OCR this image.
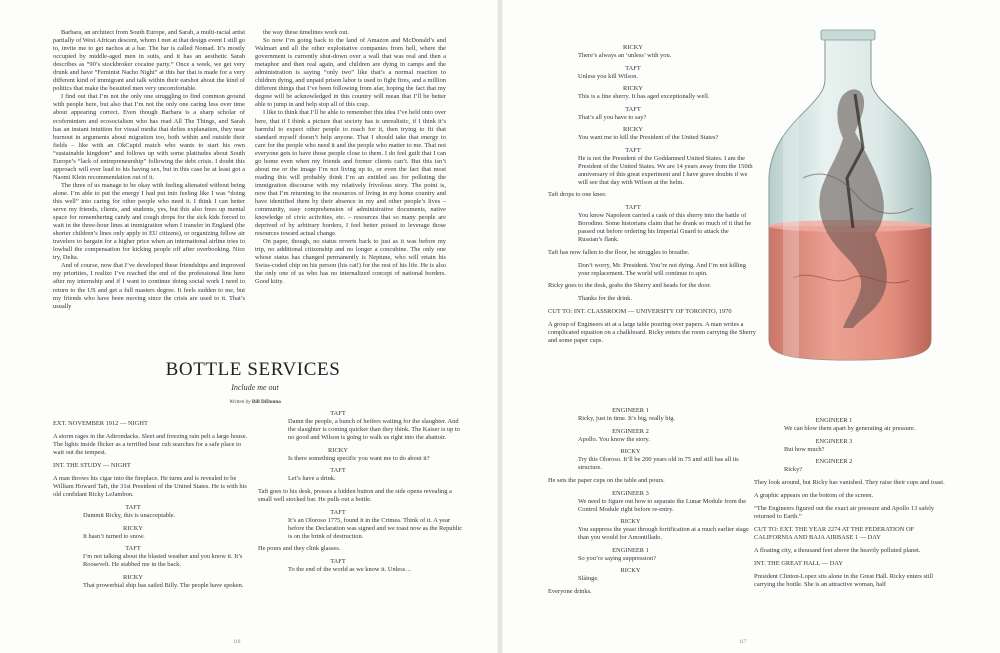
Barbara, an architect from South Europe, and Sarah, a multi-racial artist partially of West African descent, whom I met at that design event I still go to, invite me to get nachos at a bar. The bar is called Nomad. It’s mostly occupied by middle-aged men in suits, and it has an aesthetic Sarah describes as “90’s stockbroker cocaine party.” Once a week, we get very drunk and have “Feminist Nacho Night” at this bar that is made for a very different kind of immigrant and talk within their earshot about the kind of politics that make the besuited men very uncomfortable.

I find out that I’m not the only one struggling to find common ground with people here, but also that I’m not the only one caring less over time about appearing correct. Even though Barbara is a sharp scholar of ecofeminism and ecosocialism who has read All The Things, and Sarah has an instant intuition for visual media that defies explanation, they near burnout in arguments about migration too, both within and outside their fields – like with an OkCupid match who wants to start his own “sustainable kingdom” and follows up with some platitudes about South Europe’s “lack of entrepreneurship” following the debt crisis. I doubt this approach will ever lead to his having sex, but in this case he at least got a Naomi Klein recommendation out of it.

The three of us manage to be okay with feeling alienated without being alone. I’m able to put the energy I had put into feeling like I was “doing this well” into caring for other people who need it. I think I can better serve my friends, clients, and students, yes, but this also frees up mental space for remembering candy and cough drops for the sick kids forced to wait in the three-hour lines at immigration when I transfer in England (the shorter children’s lines only apply to EU citizens), or organizing fellow air travelers to bargain for a higher price when an international airline tries to lowball the compensation for kicking people off after overbooking. Nice try, Delta.

And of course, now that I’ve developed these friendships and improved my priorities, I realize I’ve reached the end of the professional line here after my internship and if I want to continue doing social work I need to return to the US and get a full masters degree. It feels sudden to me, but my friends who have been moving since the crisis are used to it. That’s usually

the way these timelines work out.

So now I’m going back to the land of Amazon and McDonald’s and Walmart and all the other exploitative companies from hell, where the government is currently shut-down over a wall that was real and then a metaphor and then real again, and children are dying in camps and the administration is saying “only two” like that’s a normal reaction to children dying, and unpaid prison labor is used to fight fires, and a million different things that I’ve been following from afar, hoping the fact that my degree will be acknowledged in this country will mean that I’ll be better able to jump in and help stop all of this crap.

I like to think that I’ll be able to remember this idea I’ve held onto over here, that if I think a picture that society has is unrealistic, if I think it’s harmful to expect other people to reach for it, then trying to fit that standard myself doesn’t help anyone. That I should take that energy to care for the people who need it and the people who matter to me. That not everyone gets to have those people close to them. I do feel guilt that I can go home even when my friends and former clients can’t. But this isn’t about me or the image I’m not living up to, or even the fact that most reading this will probably think I’m an entitled ass for polluting the immigration discourse with my relatively frivolous story. The point is, now that I’m returning to the resources of living in my home country and have identified them by their absence in my and other people’s lives – community, easy comprehension of administrative documents, native knowledge of civic activities, etc. – resources that so many people are deprived of by arbitrary borders, I feel better poised to leverage those resources toward actual change.

On paper, though, no status reverts back to just as it was before my trip, no additional citizenship and no longer a concubine. The only one whose status has changed permanently is Neptune, who will retain his Swiss-coded chip on his person (his cat!) for the rest of his life. He is also the only one of us who has no internalized concept of national borders. Good kitty.

BOTTLE SERVICES
Include me out
Written by Bill DiDonna

EXT. NOVEMBER 1912 — NIGHT

A storm rages in the Adirondacks. Sleet and freezing rain pelt a large house. The lights inside flicker as a terrified bear cub searches for a safe place to wait out the tempest.

INT. THE STUDY — NIGHT

A man throws his cigar into the fireplace. He turns and is revealed to be William Howard Taft, the 31st President of the United States. He is with his old confidant Ricky LeJambon.

TAFT

Dammit Ricky, this is unacceptable.

RICKY

It hasn’t turned to snow.

TAFT

I’m not talking about the blasted weather and you know it. It’s Roosevelt. He stabbed me in the back.

RICKY

That prowerbial ship has sailed Billy. The people have spoken.

TAFT

Damn the people, a bunch of heifers waiting for the slaughter. And the slaughter is coming quicker than they think. The Kaiser is up to no good and Wilson is going to walk us right into the abattoir.

RICKY

Is there something specific you want me to do about it?

TAFT

Let’s have a drink.

Taft goes to his desk, presses a hidden button and the side opens revealing a small well stocked bar. He pulls out a bottle.

TAFT

It’s an Oloroso 1775, found it in the Crimea. Think of it. A year before the Declaration was signed and we toast now as the Republic is on the brink of destruction.

He pours and they clink glasses.

TAFT

To the end of the world as we know it. Unless…

116

RICKY

There’s always an ‘unless’ with you.

TAFT

Unless you kill Wilson.

RICKY

This is a fine sherry. It has aged exceptionally well.

TAFT

That’s all you have to say?

RICKY

You want me to kill the President of the United States?

TAFT

He is not the President of the Goddamned United States. I am the President of the United States. We are 14 years away from the 150th anniversary of this great experiment and I have grave doubts if we will see that day with Wilson at the helm.

Taft drops to one knee.

TAFT

You know Napoleon carried a cask of this sherry into the battle of Borodino. Some historians claim that he drank so much of it that he passed out before ordering his Imperial Guard to attack the Russian’s flank.

Taft has now fallen to the floor, he struggles to breathe.

Don’t worry, Mr. President. You’re not dying. And I’m not killing your replacement. The world will continue to spin.

Ricky goes to the desk, grabs the Sherry and heads for the door.

Thanks for the drink.

CUT TO: INT. CLASSROOM — UNIVERSITY OF TORONTO, 1970

A group of Engineers sit at a large table pouring over papers. A man writes a complicated equation on a chalkboard. Ricky enters the room carrying the Sherry and some paper cups.

ENGINEER 1

Ricky, just in time. It’s big, really big.

ENGINEER 2

Apollo. You know the story.

RICKY

Try this Oloroso. It’ll be 200 years old in 75 and still has all its structure.

He sets the paper cups on the table and pours.

ENGINEER 3

We need to figure out how to separate the Lunar Module from the Control Module right before re-entry.

RICKY

You suppress the yeast through fortification at a much earlier stage than you would for Amontillado.

ENGINEER 1

So you’re saying suppression?

RICKY

Sláinge.

Everyone drinks.

ENGINEER 1

We can blow them apart by generating air pressure.

ENGINEER 3

But how much?

ENGINEER 2

Ricky?

They look around, but Ricky has vanished. They raise their cups and toast.

A graphic appears on the bottom of the screen.

“The Engineers figured out the exact air pressure and Apollo 13 safely returned to Earth.”

CUT TO: EXT. THE YEAR 2274 AT THE FEDERATION OF CALIFORNIA AND BAJA AIRBASE 1 — DAY

A floating city, a thousand feet above the heavily polluted planet.

INT. THE GREAT HALL — DAY

President Clinton-Lopez sits alone in the Great Hall. Ricky enters still carrying the bottle. She is an attractive woman, half

117
